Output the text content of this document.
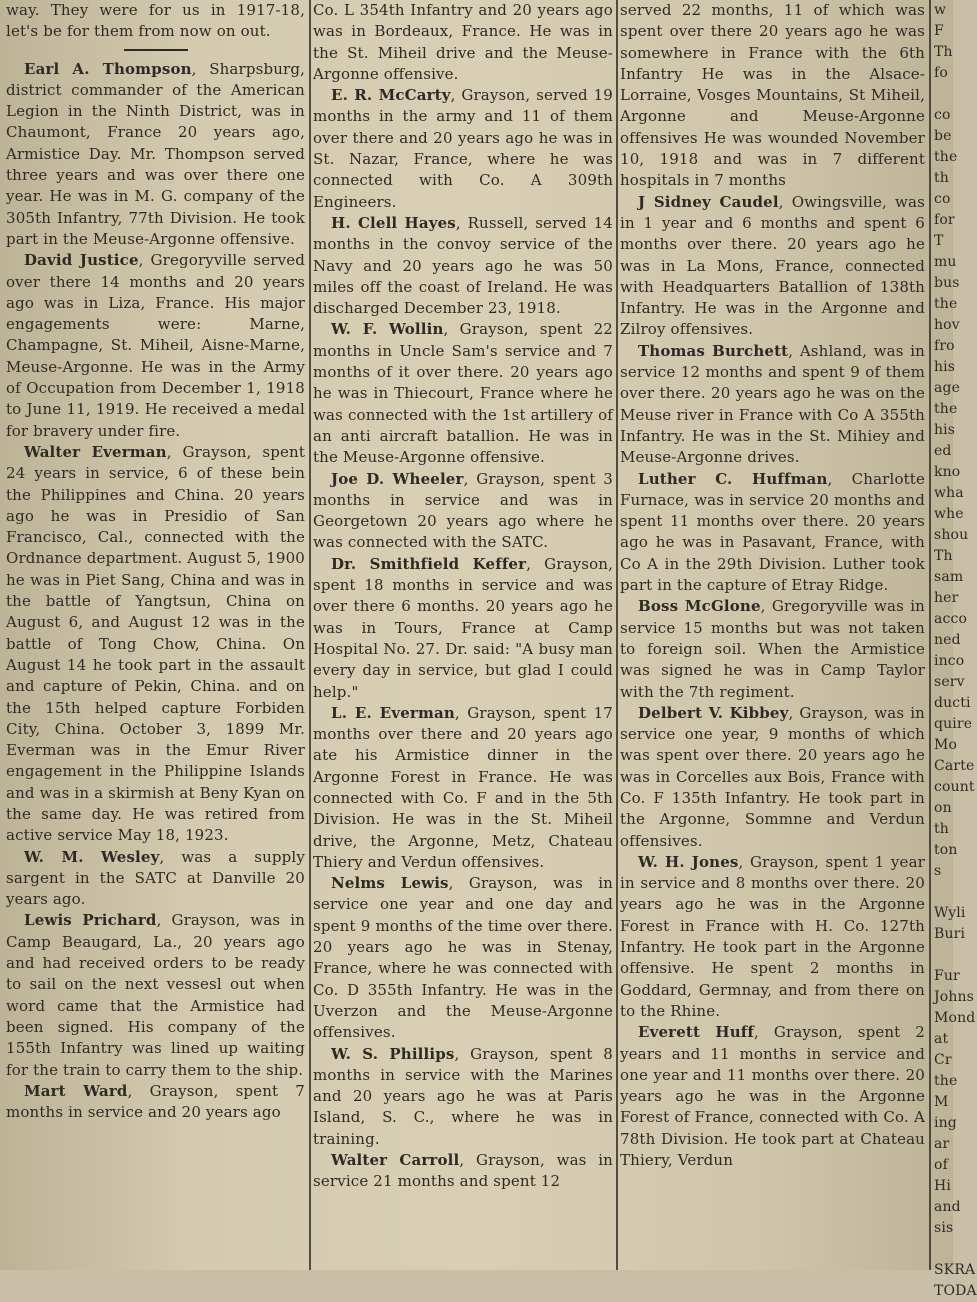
way. They were for us in 1917-18, let's be for them from now on out.

Earl A. Thompson, Sharpsburg, district commander of the American Legion in the Ninth District, was in Chaumont, France 20 years ago, Armistice Day. Mr. Thompson served three years and was over there one year. He was in M. G. company of the 305th Infantry, 77th Division. He took part in the Meuse-Argonne offensive.

David Justice, Gregoryville served over there 14 months and 20 years ago was in Liza, France. His major engagements were: Marne, Champagne, St. Miheil, Aisne-Marne, Meuse-Argonne. He was in the Army of Occupation from December 1, 1918 to June 11, 1919. He received a medal for bravery under fire.

Walter Everman, Grayson, spent 24 years in service, 6 of these bein the Philippines and China. 20 years ago he was in Presidio of San Francisco, Cal., connected with the Ordnance department. August 5, 1900 he was in Piet Sang, China and was in the battle of Yangtsun, China on August 6, and August 12 was in the battle of Tong Chow, China. On August 14 he took part in the assault and capture of Pekin, China. and on the 15th helped capture Forbiden City, China. October 3, 1899 Mr. Everman was in the Emur River engagement in the Philippine Islands and was in a skirmish at Beny Kyan on the same day. He was retired from active service May 18, 1923.

W. M. Wesley, was a supply sargent in the SATC at Danville 20 years ago.

Lewis Prichard, Grayson, was in Camp Beaugard, La., 20 years ago and had received orders to be ready to sail on the next vessesl out when word came that the Armistice had been signed. His company of the 155th Infantry was lined up waiting for the train to carry them to the ship.

Mart Ward, Grayson, spent 7 months in service and 20 years ago

Co. L 354th Infantry and 20 years ago was in Bordeaux, France. He was in the St. Miheil drive and the Meuse-Argonne offensive.

E. R. McCarty, Grayson, served 19 months in the army and 11 of them over there and 20 years ago he was in St. Nazar, France, where he was connected with Co. A 309th Engineers.

H. Clell Hayes, Russell, served 14 months in the convoy service of the Navy and 20 years ago he was 50 miles off the coast of Ireland. He was discharged December 23, 1918.

W. F. Wollin, Grayson, spent 22 months in Uncle Sam's service and 7 months of it over there. 20 years ago he was in Thiecourt, France where he was connected with the 1st artillery of an anti aircraft batallion. He was in the Meuse-Argonne offensive.

Joe D. Wheeler, Grayson, spent 3 months in service and was in Georgetown 20 years ago where he was connected with the SATC.

Dr. Smithfield Keffer, Grayson, spent 18 months in service and was over there 6 months. 20 years ago he was in Tours, France at Camp Hospital No. 27. Dr. said: "A busy man every day in service, but glad I could help."

L. E. Everman, Grayson, spent 17 months over there and 20 years ago ate his Armistice dinner in the Argonne Forest in France. He was connected with Co. F and in the 5th Division. He was in the St. Miheil drive, the Argonne, Metz, Chateau Thiery and Verdun offensives.

Nelms Lewis, Grayson, was in service one year and one day and spent 9 months of the time over there. 20 years ago he was in Stenay, France, where he was connected with Co. D 355th Infantry. He was in the Uverzon and the Meuse-Argonne offensives.

W. S. Phillips, Grayson, spent 8 months in service with the Marines and 20 years ago he was at Paris Island, S. C., where he was in training.

Walter Carroll, Grayson, was in service 21 months and spent 12

served 22 months, 11 of which was spent over there 20 years ago he was somewhere in France with the 6th Infantry He was in the Alsace-Lorraine, Vosges Mountains, St Miheil, Argonne and Meuse-Argonne offensives He was wounded November 10, 1918 and was in 7 different hospitals in 7 months

J Sidney Caudel, Owingsville, was in 1 year and 6 months and spent 6 months over there. 20 years ago he was in La Mons, France, connected with Headquarters Batallion of 138th Infantry. He was in the Argonne and Zilroy offensives.

Thomas Burchett, Ashland, was in service 12 months and spent 9 of them over there. 20 years ago he was on the Meuse river in France with Co A 355th Infantry. He was in the St. Mihiey and Meuse-Argonne drives.

Luther C. Huffman, Charlotte Furnace, was in service 20 months and spent 11 months over there. 20 years ago he was in Pasavant, France, with Co A in the 29th Division. Luther took part in the capture of Etray Ridge.

Boss McGlone, Gregoryville was in service 15 months but was not taken to foreign soil. When the Armistice was signed he was in Camp Taylor with the 7th regiment.

Delbert V. Kibbey, Grayson, was in service one year, 9 months of which was spent over there. 20 years ago he was in Corcelles aux Bois, France with Co. F 135th Infantry. He took part in the Argonne, Sommne and Verdun offensives.

W. H. Jones, Grayson, spent 1 year in service and 8 months over there. 20 years ago he was in the Argonne Forest in France with H. Co. 127th Infantry. He took part in the Argonne offensive. He spent 2 months in Goddard, Germnay, and from there on to the Rhine.

Everett Huff, Grayson, spent 2 years and 11 months in service and one year and 11 months over there. 20 years ago he was in the Argonne Forest of France, connected with Co. A 78th Division. He took part at Chateau Thiery, Verdun

w
F
Th
fo

co
be
the
th
co
for
T
mu
bus
the
hov
fro
his
age
the
his
ed
kno
wha
whe
shou
Th
sam
her
acco
ned
inco
serv
ducti
quire
Mo
Carte
count
on th
ton s

Wyli
Buri

Fur
Johns
Mond
at Cr
the M
ing ar
of Hi
and sis

SKRA
TODA
